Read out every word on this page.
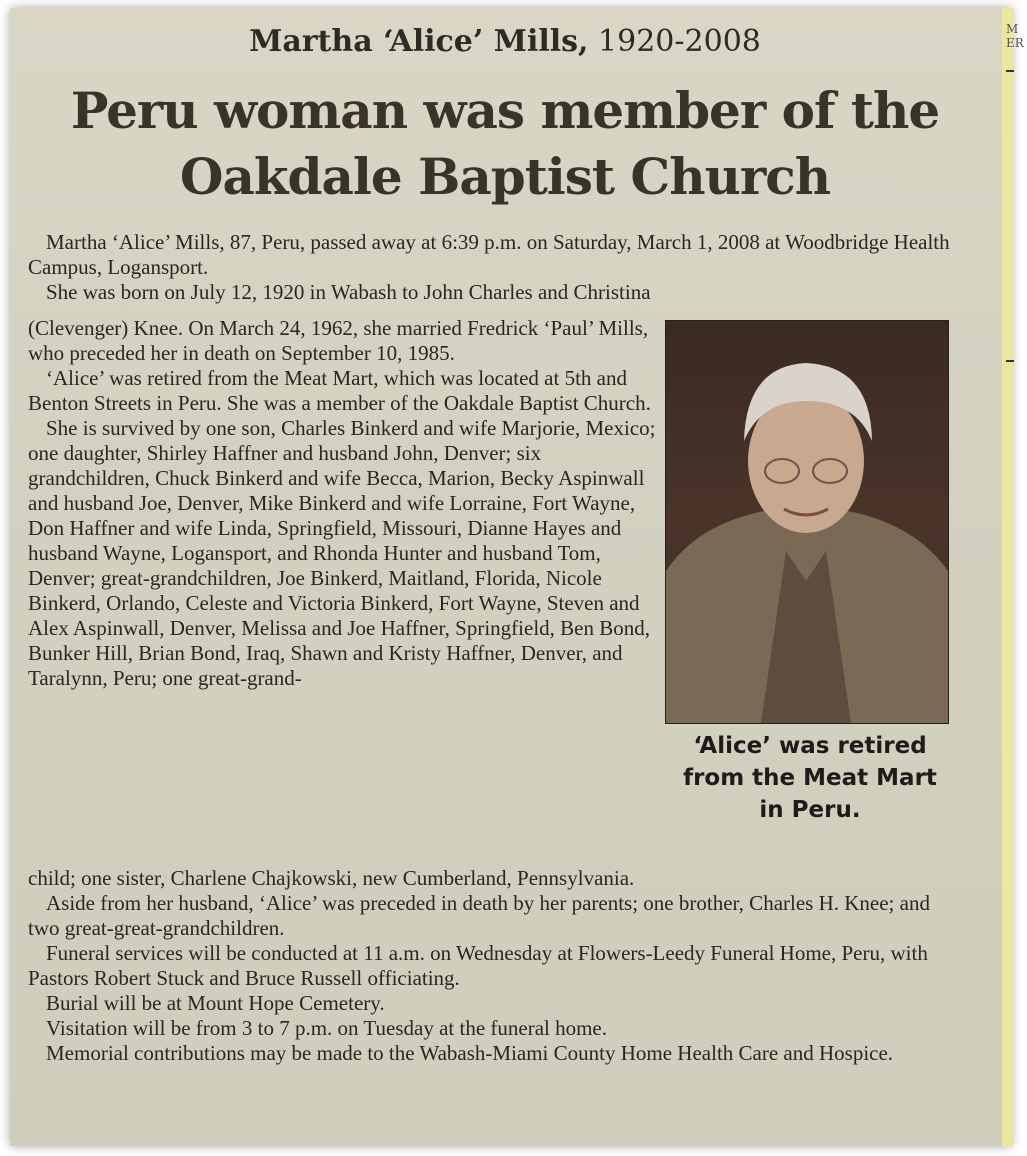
M ER
Martha ‘Alice’ Mills, 1920-2008
Peru woman was member of the
Oakdale Baptist Church

Martha ‘Alice’ Mills, 87, Peru, passed away at 6:39 p.m. on Saturday, March 1, 2008 at Woodbridge Health Campus, Logansport.

She was born on July 12, 1920 in Wabash to John Charles and Christina

(Clevenger) Knee. On March 24, 1962, she married Fredrick ‘Paul’ Mills, who preceded her in death on September 10, 1985.

‘Alice’ was retired from the Meat Mart, which was located at 5th and Benton Streets in Peru. She was a member of the Oakdale Baptist Church.

She is survived by one son, Charles Binkerd and wife Marjorie, Mexico; one daughter, Shirley Haffner and husband John, Denver; six grandchildren, Chuck Binkerd and wife Becca, Marion, Becky Aspinwall and husband Joe, Denver, Mike Binkerd and wife Lorraine, Fort Wayne, Don Haffner and wife Linda, Springfield, Missouri, Dianne Hayes and husband Wayne, Logansport, and Rhonda Hunter and husband Tom, Denver; great-grandchildren, Joe Binkerd, Maitland, Florida, Nicole Binkerd, Orlando, Celeste and Victoria Binkerd, Fort Wayne, Steven and Alex Aspinwall, Denver, Melissa and Joe Haffner, Springfield, Ben Bond, Bunker Hill, Brian Bond, Iraq, Shawn and Kristy Haffner, Denver, and Taralynn, Peru; one great-grand-

‘Alice’ was retired
from the Meat Mart
in Peru.

child; one sister, Charlene Chajkowski, new Cumberland, Pennsylvania.

Aside from her husband, ‘Alice’ was preceded in death by her parents; one brother, Charles H. Knee; and two great-great-grandchildren.

Funeral services will be conducted at 11 a.m. on Wednesday at Flowers-Leedy Funeral Home, Peru, with Pastors Robert Stuck and Bruce Russell officiating.

Burial will be at Mount Hope Cemetery.

Visitation will be from 3 to 7 p.m. on Tuesday at the funeral home.

Memorial contributions may be made to the Wabash-Miami County Home Health Care and Hospice.
